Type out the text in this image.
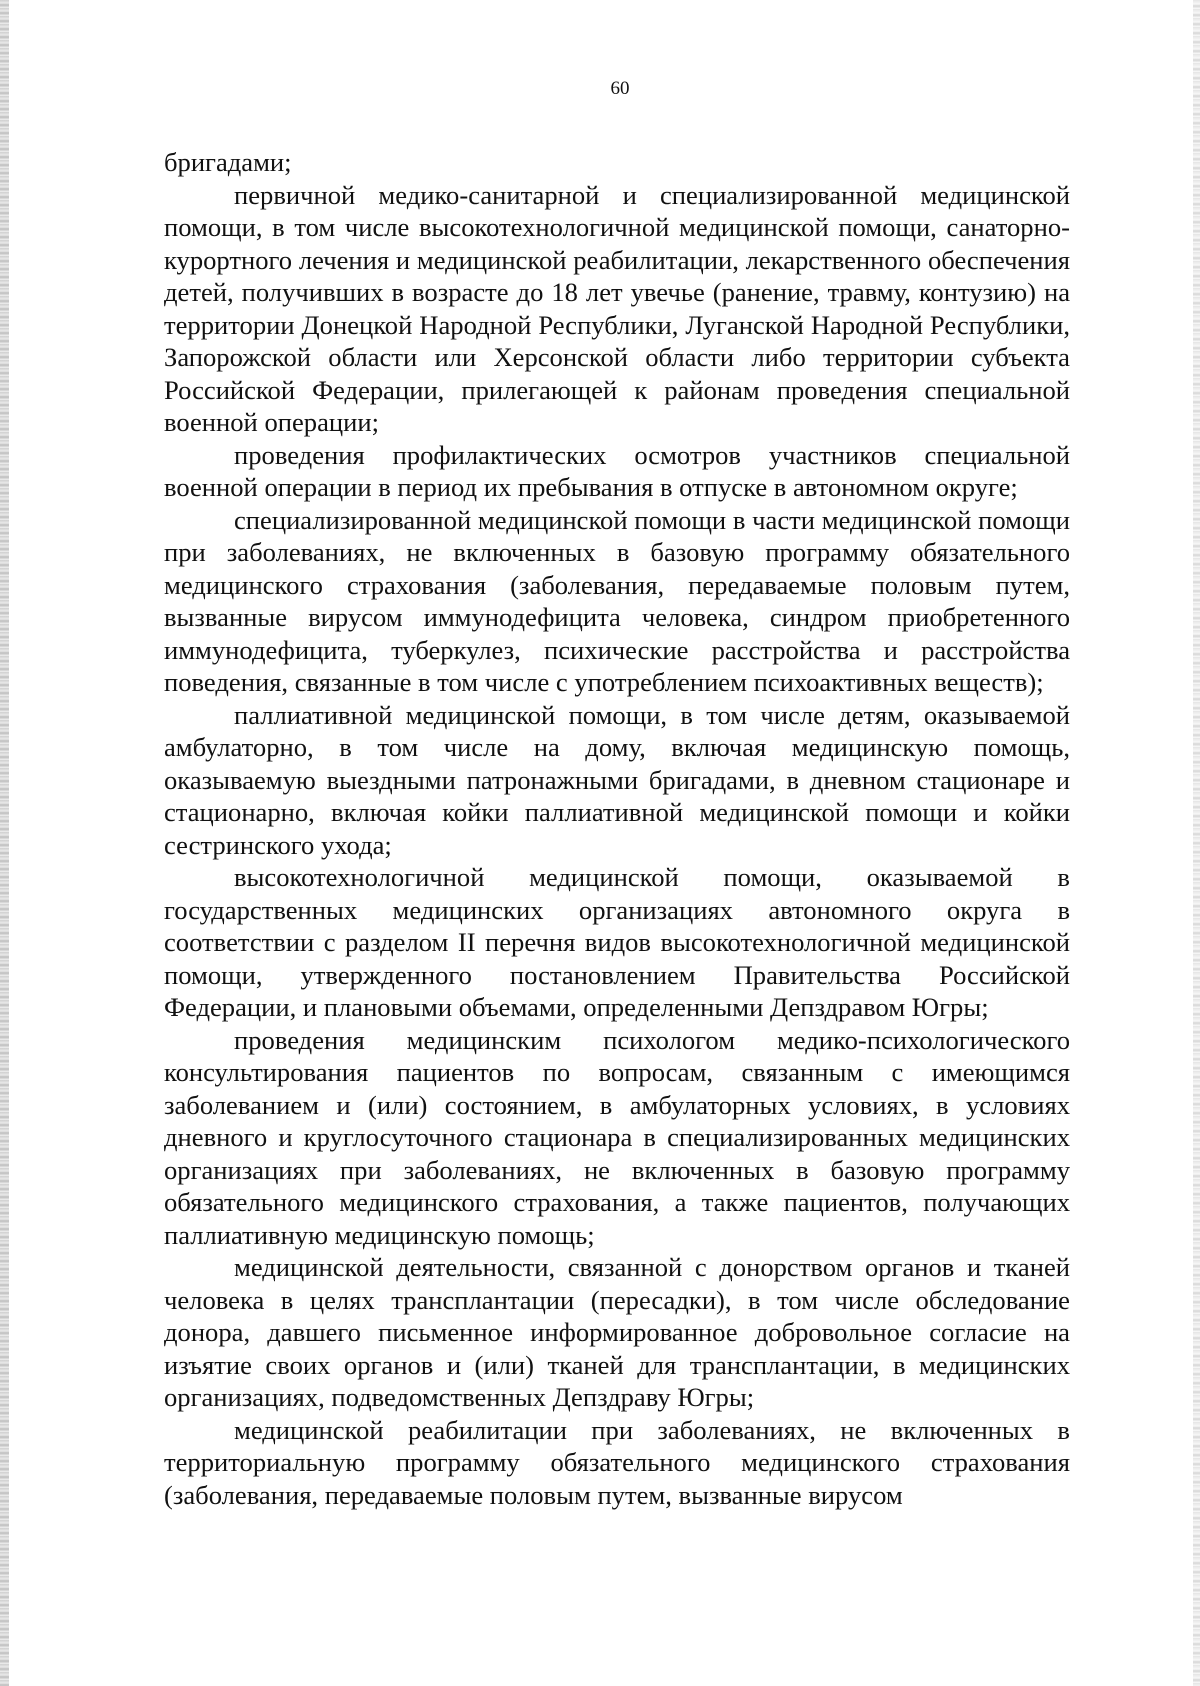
60

бригадами;

первичной медико-санитарной и специализированной медицинской помощи, в том числе высокотехнологичной медицинской помощи, санаторно-курортного лечения и медицинской реабилитации, лекарственного обеспечения детей, получивших в возрасте до 18 лет увечье (ранение, травму, контузию) на территории Донецкой Народной Республики, Луганской Народной Республики, Запорожской области или Херсонской области либо территории субъекта Российской Федерации, прилегающей к районам проведения специальной военной операции;

проведения профилактических осмотров участников специальной военной операции в период их пребывания в отпуске в автономном округе;

специализированной медицинской помощи в части медицинской помощи при заболеваниях, не включенных в базовую программу обязательного медицинского страхования (заболевания, передаваемые половым путем, вызванные вирусом иммунодефицита человека, синдром приобретенного иммунодефицита, туберкулез, психические расстройства и расстройства поведения, связанные в том числе с употреблением психоактивных веществ);

паллиативной медицинской помощи, в том числе детям, оказываемой амбулаторно, в том числе на дому, включая медицинскую помощь, оказываемую выездными патронажными бригадами, в дневном стационаре и стационарно, включая койки паллиативной медицинской помощи и койки сестринского ухода;

высокотехнологичной медицинской помощи, оказываемой в государственных медицинских организациях автономного округа в соответствии с разделом II перечня видов высокотехнологичной медицинской помощи, утвержденного постановлением Правительства Российской Федерации, и плановыми объемами, определенными Депздравом Югры;

проведения медицинским психологом медико-психологического консультирования пациентов по вопросам, связанным с имеющимся заболеванием и (или) состоянием, в амбулаторных условиях, в условиях дневного и круглосуточного стационара в специализированных медицинских организациях при заболеваниях, не включенных в базовую программу обязательного медицинского страхования, а также пациентов, получающих паллиативную медицинскую помощь;

медицинской деятельности, связанной с донорством органов и тканей человека в целях трансплантации (пересадки), в том числе обследование донора, давшего письменное информированное добровольное согласие на изъятие своих органов и (или) тканей для трансплантации, в медицинских организациях, подведомственных Депздраву Югры;

медицинской реабилитации при заболеваниях, не включенных в территориальную программу обязательного медицинского страхования (заболевания, передаваемые половым путем, вызванные вирусом
